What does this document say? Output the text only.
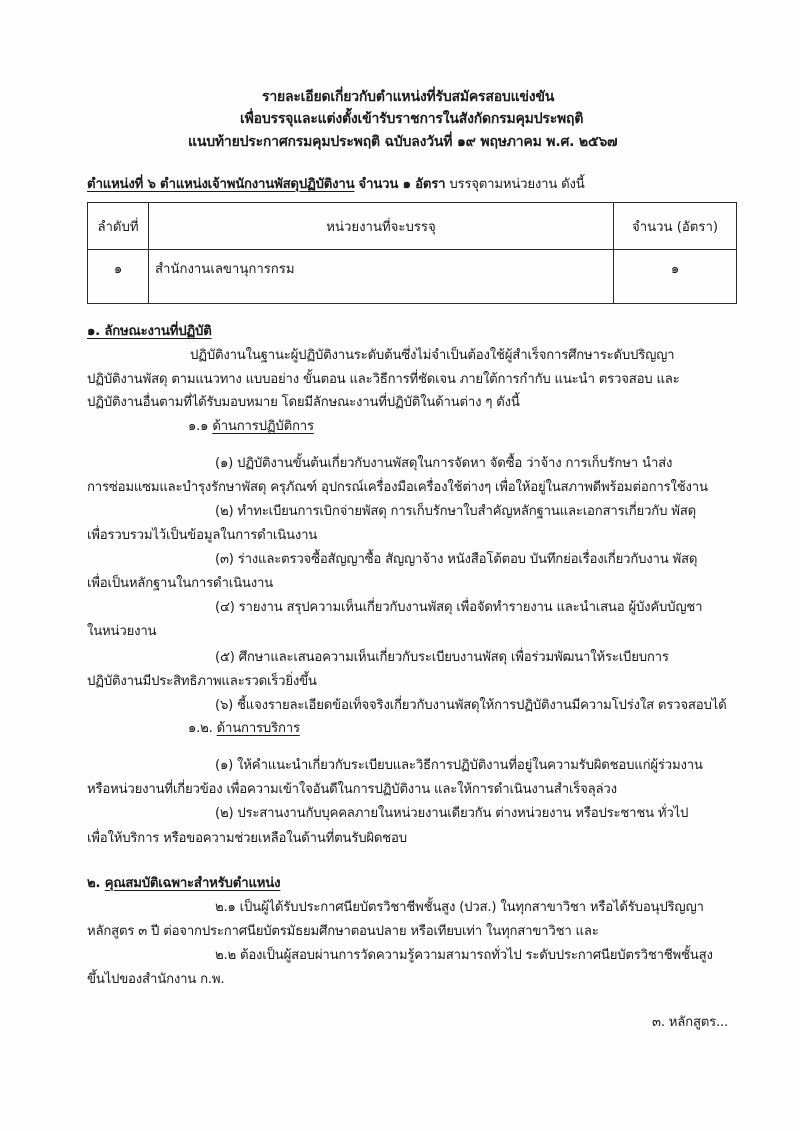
รายละเอียดเกี่ยวกับตำแหน่งที่รับสมัครสอบแข่งขัน
เพื่อบรรจุและแต่งตั้งเข้ารับราชการในสังกัดกรมคุมประพฤติ
แนบท้ายประกาศกรมคุมประพฤติ ฉบับลงวันที่ ๑๙ พฤษภาคม พ.ศ. ๒๕๖๗
ตำแหน่งที่ ๖ ตำแหน่งเจ้าพนักงานพัสดุปฏิบัติงาน จำนวน ๑ อัตรา บรรจุตามหน่วยงาน ดังนี้
ลำดับที่	หน่วยงานที่จะบรรจุ	จำนวน (อัตรา)
๑	สำนักงานเลขานุการกรม	๑
๑. ลักษณะงานที่ปฏิบัติ
ปฏิบัติงานในฐานะผู้ปฏิบัติงานระดับต้นซึ่งไม่จำเป็นต้องใช้ผู้สำเร็จการศึกษาระดับปริญญา
ปฏิบัติงานพัสดุ ตามแนวทาง แบบอย่าง ขั้นตอน และวิธีการที่ชัดเจน ภายใต้การกำกับ แนะนำ ตรวจสอบ และ
ปฏิบัติงานอื่นตามที่ได้รับมอบหมาย โดยมีลักษณะงานที่ปฏิบัติในด้านต่าง ๆ ดังนี้
๑.๑ ด้านการปฏิบัติการ
(๑) ปฏิบัติงานขั้นต้นเกี่ยวกับงานพัสดุในการจัดหา จัดซื้อ ว่าจ้าง การเก็บรักษา นำส่ง
การซ่อมแซมและบำรุงรักษาพัสดุ ครุภัณฑ์ อุปกรณ์เครื่องมือเครื่องใช้ต่างๆ เพื่อให้อยู่ในสภาพดีพร้อมต่อการใช้งาน
(๒) ทำทะเบียนการเบิกจ่ายพัสดุ การเก็บรักษาใบสำคัญหลักฐานและเอกสารเกี่ยวกับ พัสดุ
เพื่อรวบรวมไว้เป็นข้อมูลในการดำเนินงาน
(๓) ร่างและตรวจซื้อสัญญาซื้อ สัญญาจ้าง หนังสือโต้ตอบ บันทึกย่อเรื่องเกี่ยวกับงาน พัสดุ
เพื่อเป็นหลักฐานในการดำเนินงาน
(๔) รายงาน สรุปความเห็นเกี่ยวกับงานพัสดุ เพื่อจัดทำรายงาน และนำเสนอ ผู้บังคับบัญชา
ในหน่วยงาน
(๕) ศึกษาและเสนอความเห็นเกี่ยวกับระเบียบงานพัสดุ เพื่อร่วมพัฒนาให้ระเบียบการ
ปฏิบัติงานมีประสิทธิภาพและรวดเร็วยิ่งขึ้น
(๖) ชี้แจงรายละเอียดข้อเท็จจริงเกี่ยวกับงานพัสดุให้การปฏิบัติงานมีความโปร่งใส ตรวจสอบได้
๑.๒. ด้านการบริการ
(๑) ให้คำแนะนำเกี่ยวกับระเบียบและวิธีการปฏิบัติงานที่อยู่ในความรับผิดชอบแก่ผู้ร่วมงาน
หรือหน่วยงานที่เกี่ยวข้อง เพื่อความเข้าใจอันดีในการปฏิบัติงาน และให้การดำเนินงานสำเร็จลุล่วง
(๒) ประสานงานกับบุคคลภายในหน่วยงานเดียวกัน ต่างหน่วยงาน หรือประชาชน ทั่วไป
เพื่อให้บริการ หรือขอความช่วยเหลือในด้านที่ตนรับผิดชอบ
๒. คุณสมบัติเฉพาะสำหรับตำแหน่ง
๒.๑ เป็นผู้ได้รับประกาศนียบัตรวิชาชีพชั้นสูง (ปวส.) ในทุกสาขาวิชา หรือได้รับอนุปริญญา
หลักสูตร ๓ ปี ต่อจากประกาศนียบัตรมัธยมศึกษาตอนปลาย หรือเทียบเท่า ในทุกสาขาวิชา และ
๒.๒ ต้องเป็นผู้สอบผ่านการวัดความรู้ความสามารถทั่วไป ระดับประกาศนียบัตรวิชาชีพชั้นสูง
ขึ้นไปของสำนักงาน ก.พ.
๓. หลักสูตร...
